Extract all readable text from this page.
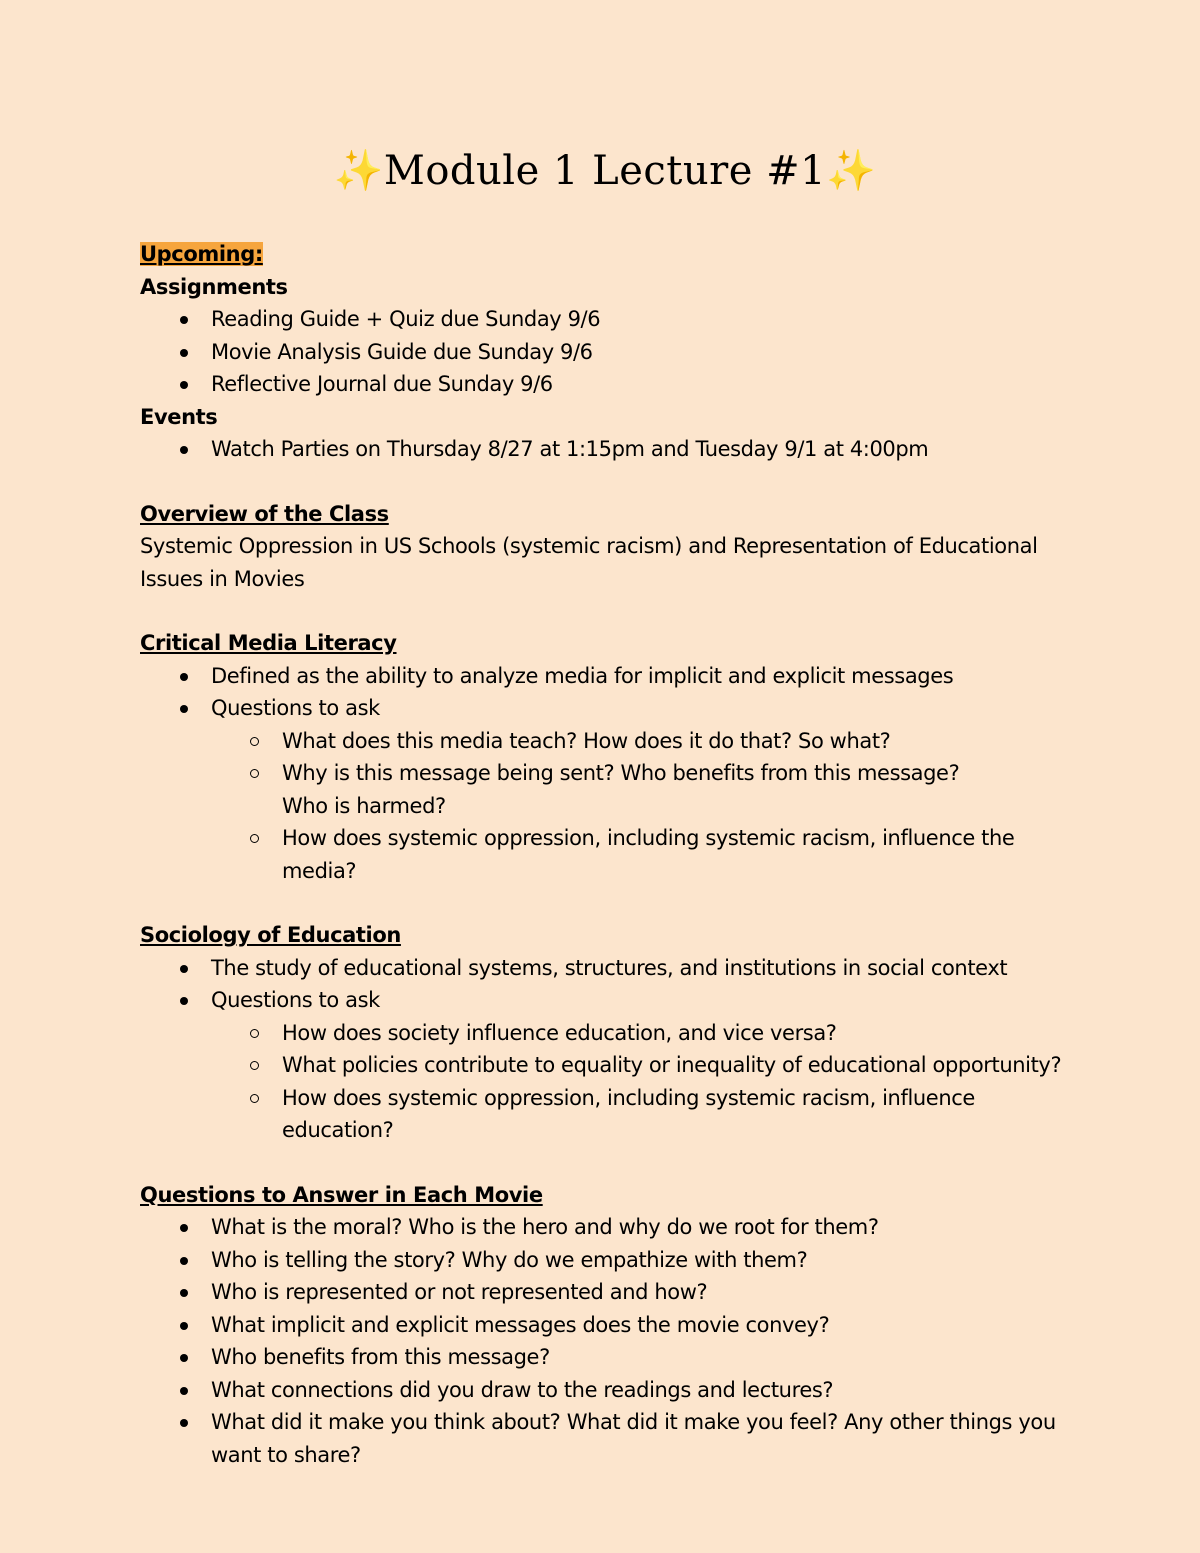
✨Module 1 Lecture #1✨
Upcoming:
Assignments
Reading Guide + Quiz due Sunday 9/6
Movie Analysis Guide due Sunday 9/6
Reflective Journal due Sunday 9/6
Events
Watch Parties on Thursday 8/27 at 1:15pm and Tuesday 9/1 at 4:00pm
Overview of the Class
Systemic Oppression in US Schools (systemic racism) and Representation of Educational Issues in Movies
Critical Media Literacy
Defined as the ability to analyze media for implicit and explicit messages
Questions to ask
What does this media teach? How does it do that? So what?
Why is this message being sent? Who benefits from this message? Who is harmed?
How does systemic oppression, including systemic racism, influence the media?
Sociology of Education
The study of educational systems, structures, and institutions in social context
Questions to ask
How does society influence education, and vice versa?
What policies contribute to equality or inequality of educational opportunity?
How does systemic oppression, including systemic racism, influence education?
Questions to Answer in Each Movie
What is the moral? Who is the hero and why do we root for them?
Who is telling the story? Why do we empathize with them?
Who is represented or not represented and how?
What implicit and explicit messages does the movie convey?
Who benefits from this message?
What connections did you draw to the readings and lectures?
What did it make you think about? What did it make you feel? Any other things you want to share?
